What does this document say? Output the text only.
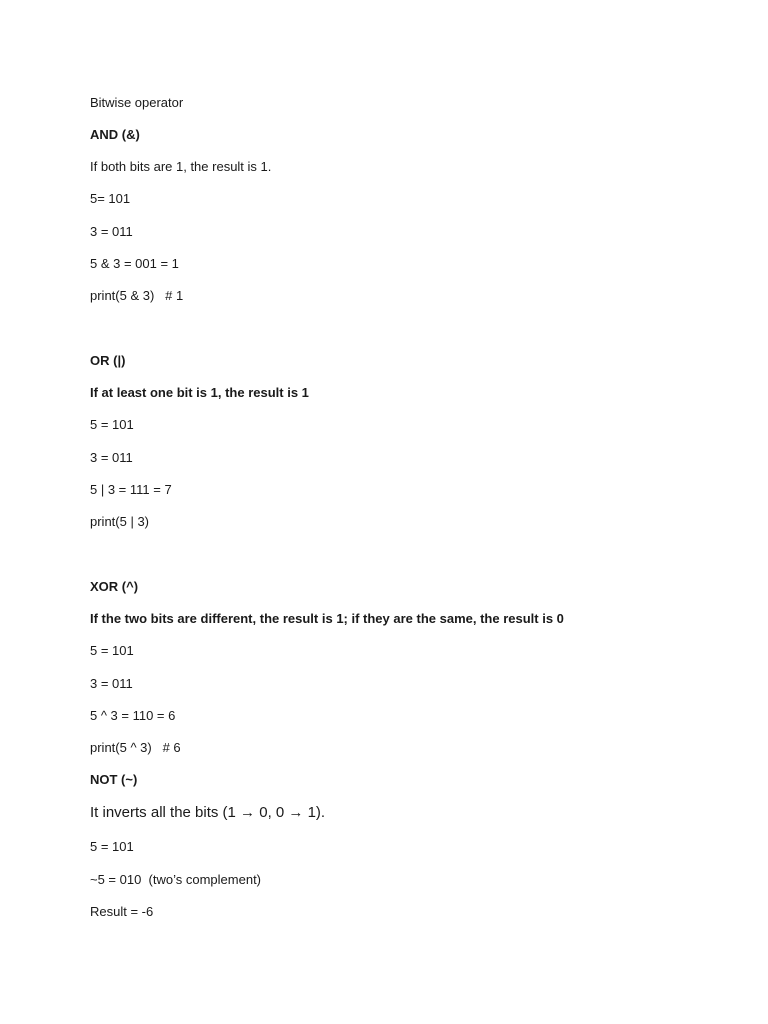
Bitwise operator
AND (&)
If both bits are 1, the result is 1.
5= 101
3 = 011
5 & 3 = 001 = 1
print(5 & 3)   # 1
OR (|)
If at least one bit is 1, the result is 1
5 = 101
3 = 011
5 | 3 = 111 = 7
print(5 | 3)
XOR (^)
If the two bits are different, the result is 1; if they are the same, the result is 0
5 = 101
3 = 011
5 ^ 3 = 110 = 6
print(5 ^ 3)   # 6
NOT (~)
It inverts all the bits (1 → 0, 0 → 1).
5 = 101
~5 = 010  (two’s complement)
Result = -6
